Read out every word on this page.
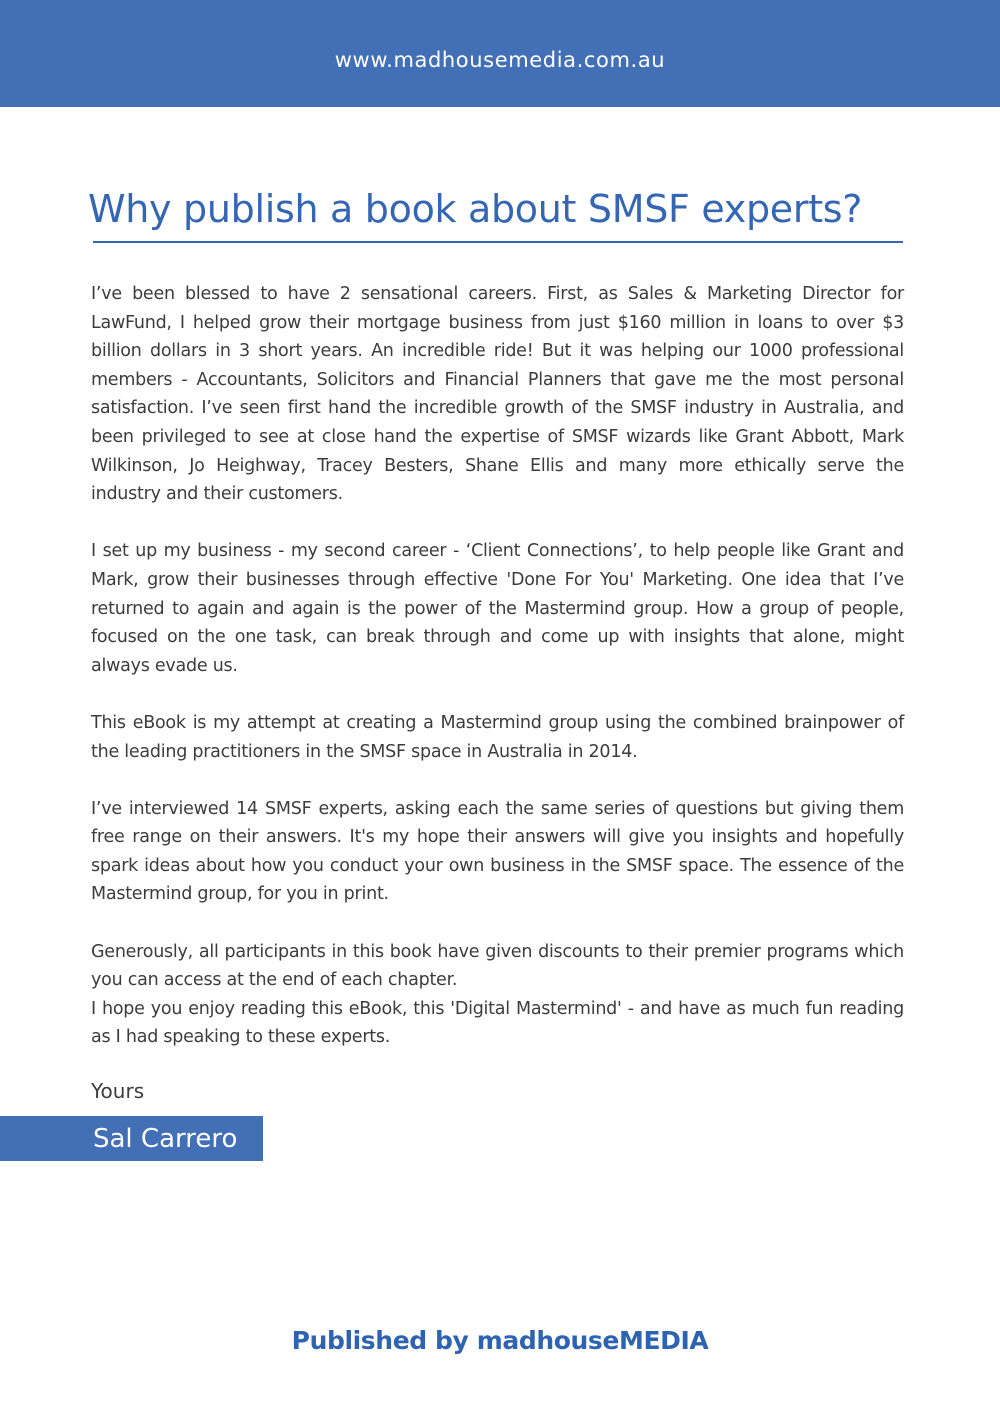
www.madhousemedia.com.au
Why publish a book about SMSF experts?

I’ve been blessed to have 2 sensational careers. First, as Sales & Marketing Director for LawFund, I helped grow their mortgage business from just $160 million in loans to over $3 billion dollars in 3 short years. An incredible ride! But it was helping our 1000 professional members - Accountants, Solicitors and Financial Planners that gave me the most personal satisfaction. I’ve seen first hand the incredible growth of the SMSF industry in Australia, and been privileged to see at close hand the expertise of SMSF wizards like Grant Abbott, Mark Wilkinson, Jo Heighway, Tracey Besters, Shane Ellis and many more ethically serve the industry and their customers.

I set up my business - my second career - ‘Client Connections’, to help people like Grant and Mark, grow their businesses through effective 'Done For You' Marketing. One idea that I’ve returned to again and again is the power of the Mastermind group. How a group of people, focused on the one task, can break through and come up with insights that alone, might always evade us.

This eBook is my attempt at creating a Mastermind group using the combined brainpower of the leading practitioners in the SMSF space in Australia in 2014.

I’ve interviewed 14 SMSF experts, asking each the same series of questions but giving them free range on their answers. It's my hope their answers will give you insights and hopefully spark ideas about how you conduct your own business in the SMSF space. The essence of the Mastermind group, for you in print.

Generously, all participants in this book have given discounts to their premier programs which you can access at the end of each chapter.

I hope you enjoy reading this eBook, this 'Digital Mastermind' - and have as much fun reading as I had speaking to these experts.

Yours
Sal Carrero
Published by madhouseMEDIA
